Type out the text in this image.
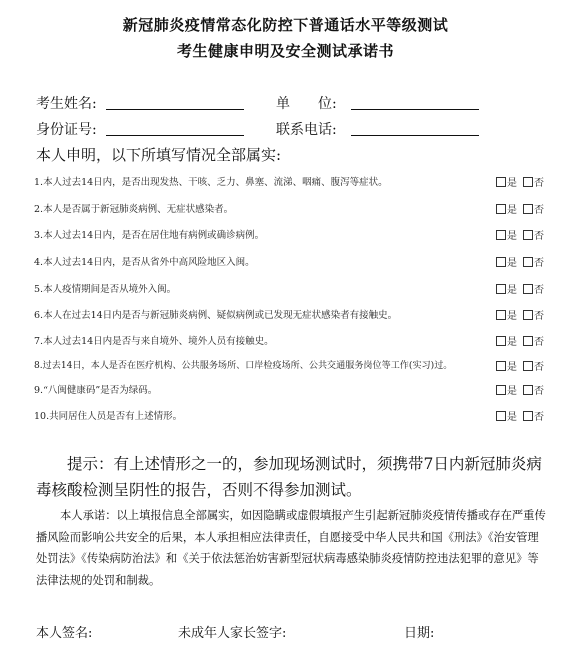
新冠肺炎疫情常态化防控下普通话水平等级测试
考生健康申明及安全测试承诺书
考生姓名:	单　　位:
身份证号:	联系电话:
本人申明，以下所填写情况全部属实:
1.本人过去14日内，是否出现发热、干咳、乏力、鼻塞、流涕、咽痛、腹泻等症状。	是 否
2.本人是否属于新冠肺炎病例、无症状感染者。	是 否
3.本人过去14日内，是否在居住地有病例或确诊病例。	是 否
4.本人过去14日内，是否从省外中高风险地区入闽。	是 否
5.本人疫情期间是否从境外入闽。	是 否
6.本人在过去14日内是否与新冠肺炎病例、疑似病例或已发现无症状感染者有接触史。	是 否
7.本人过去14日内是否与来自境外、境外人员有接触史。	是 否
8.过去14日，本人是否在医疗机构、公共服务场所、口岸检疫场所、公共交通服务岗位等工作(实习)过。	是 否
9.“八闽健康码”是否为绿码。	是 否
10.共同居住人员是否有上述情形。	是 否
提示：有上述情形之一的，参加现场测试时，须携带7日内新冠肺炎病毒核酸检测呈阴性的报告，否则不得参加测试。
本人承诺：以上填报信息全部属实，如因隐瞒或虚假填报产生引起新冠肺炎疫情传播或存在严重传播风险而影响公共安全的后果，本人承担相应法律责任，自愿接受中华人民共和国《刑法》《治安管理处罚法》《传染病防治法》和《关于依法惩治妨害新型冠状病毒感染肺炎疫情防控违法犯罪的意见》等法律法规的处罚和制裁。
本人签名:	未成年人家长签字:	日期:
